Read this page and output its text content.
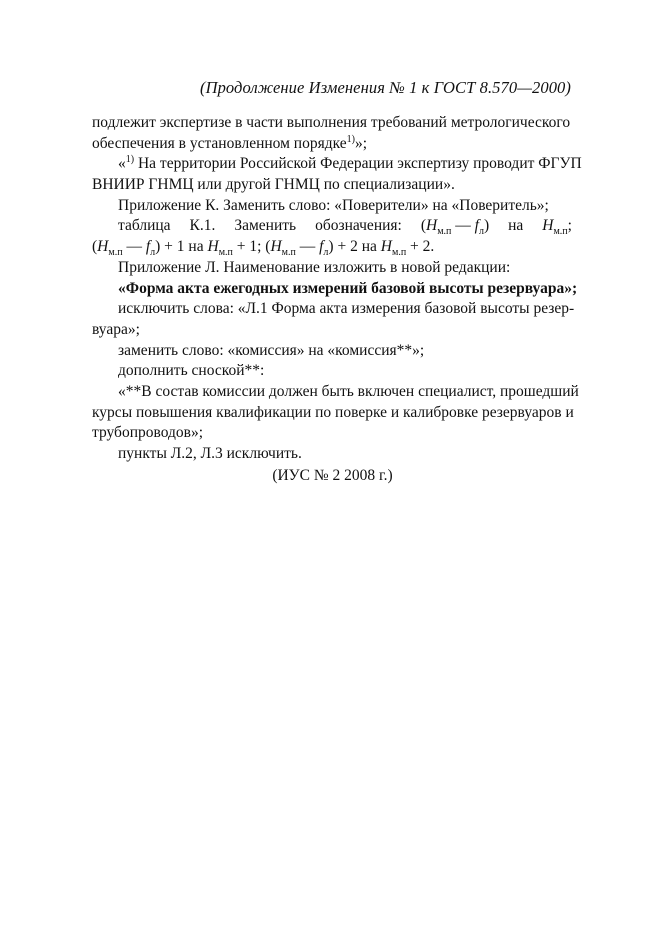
(Продолжение Изменения № 1 к ГОСТ 8.570—2000)
подлежит экспертизе в части выполнения требований метрологического
обеспечения в установленном порядке$^{1)}$»;
«$^{1)}$ На территории Российской Федерации экспертизу проводит ФГУП
ВНИИР ГНМЦ или другой ГНМЦ по специализации».
Приложение К. Заменить слово: «Поверители» на «Поверитель»;
таблица К.1. Заменить обозначения: ($H_{м.п}$ — $f_л$) на $H_{м.п}$;
($H_{м.п}$ — $f_л) + 1$ на $H_{м.п} + 1$; ($H_{м.п}$ — $f_л) + 2$ на $H_{м.п} + 2$.
Приложение Л. Наименование изложить в новой редакции:
«Форма акта ежегодных измерений базовой высоты резервуара»;
исключить слова: «Л.1 Форма акта измерения базовой высоты резер-
вуара»;
заменить слово: «комиссия» на «комиссия**»;
дополнить сноской**:
«**В состав комиссии должен быть включен специалист, прошедший
курсы повышения квалификации по поверке и калибровке резервуаров и
трубопроводов»;
пункты Л.2, Л.3 исключить.
(ИУС № 2 2008 г.)
